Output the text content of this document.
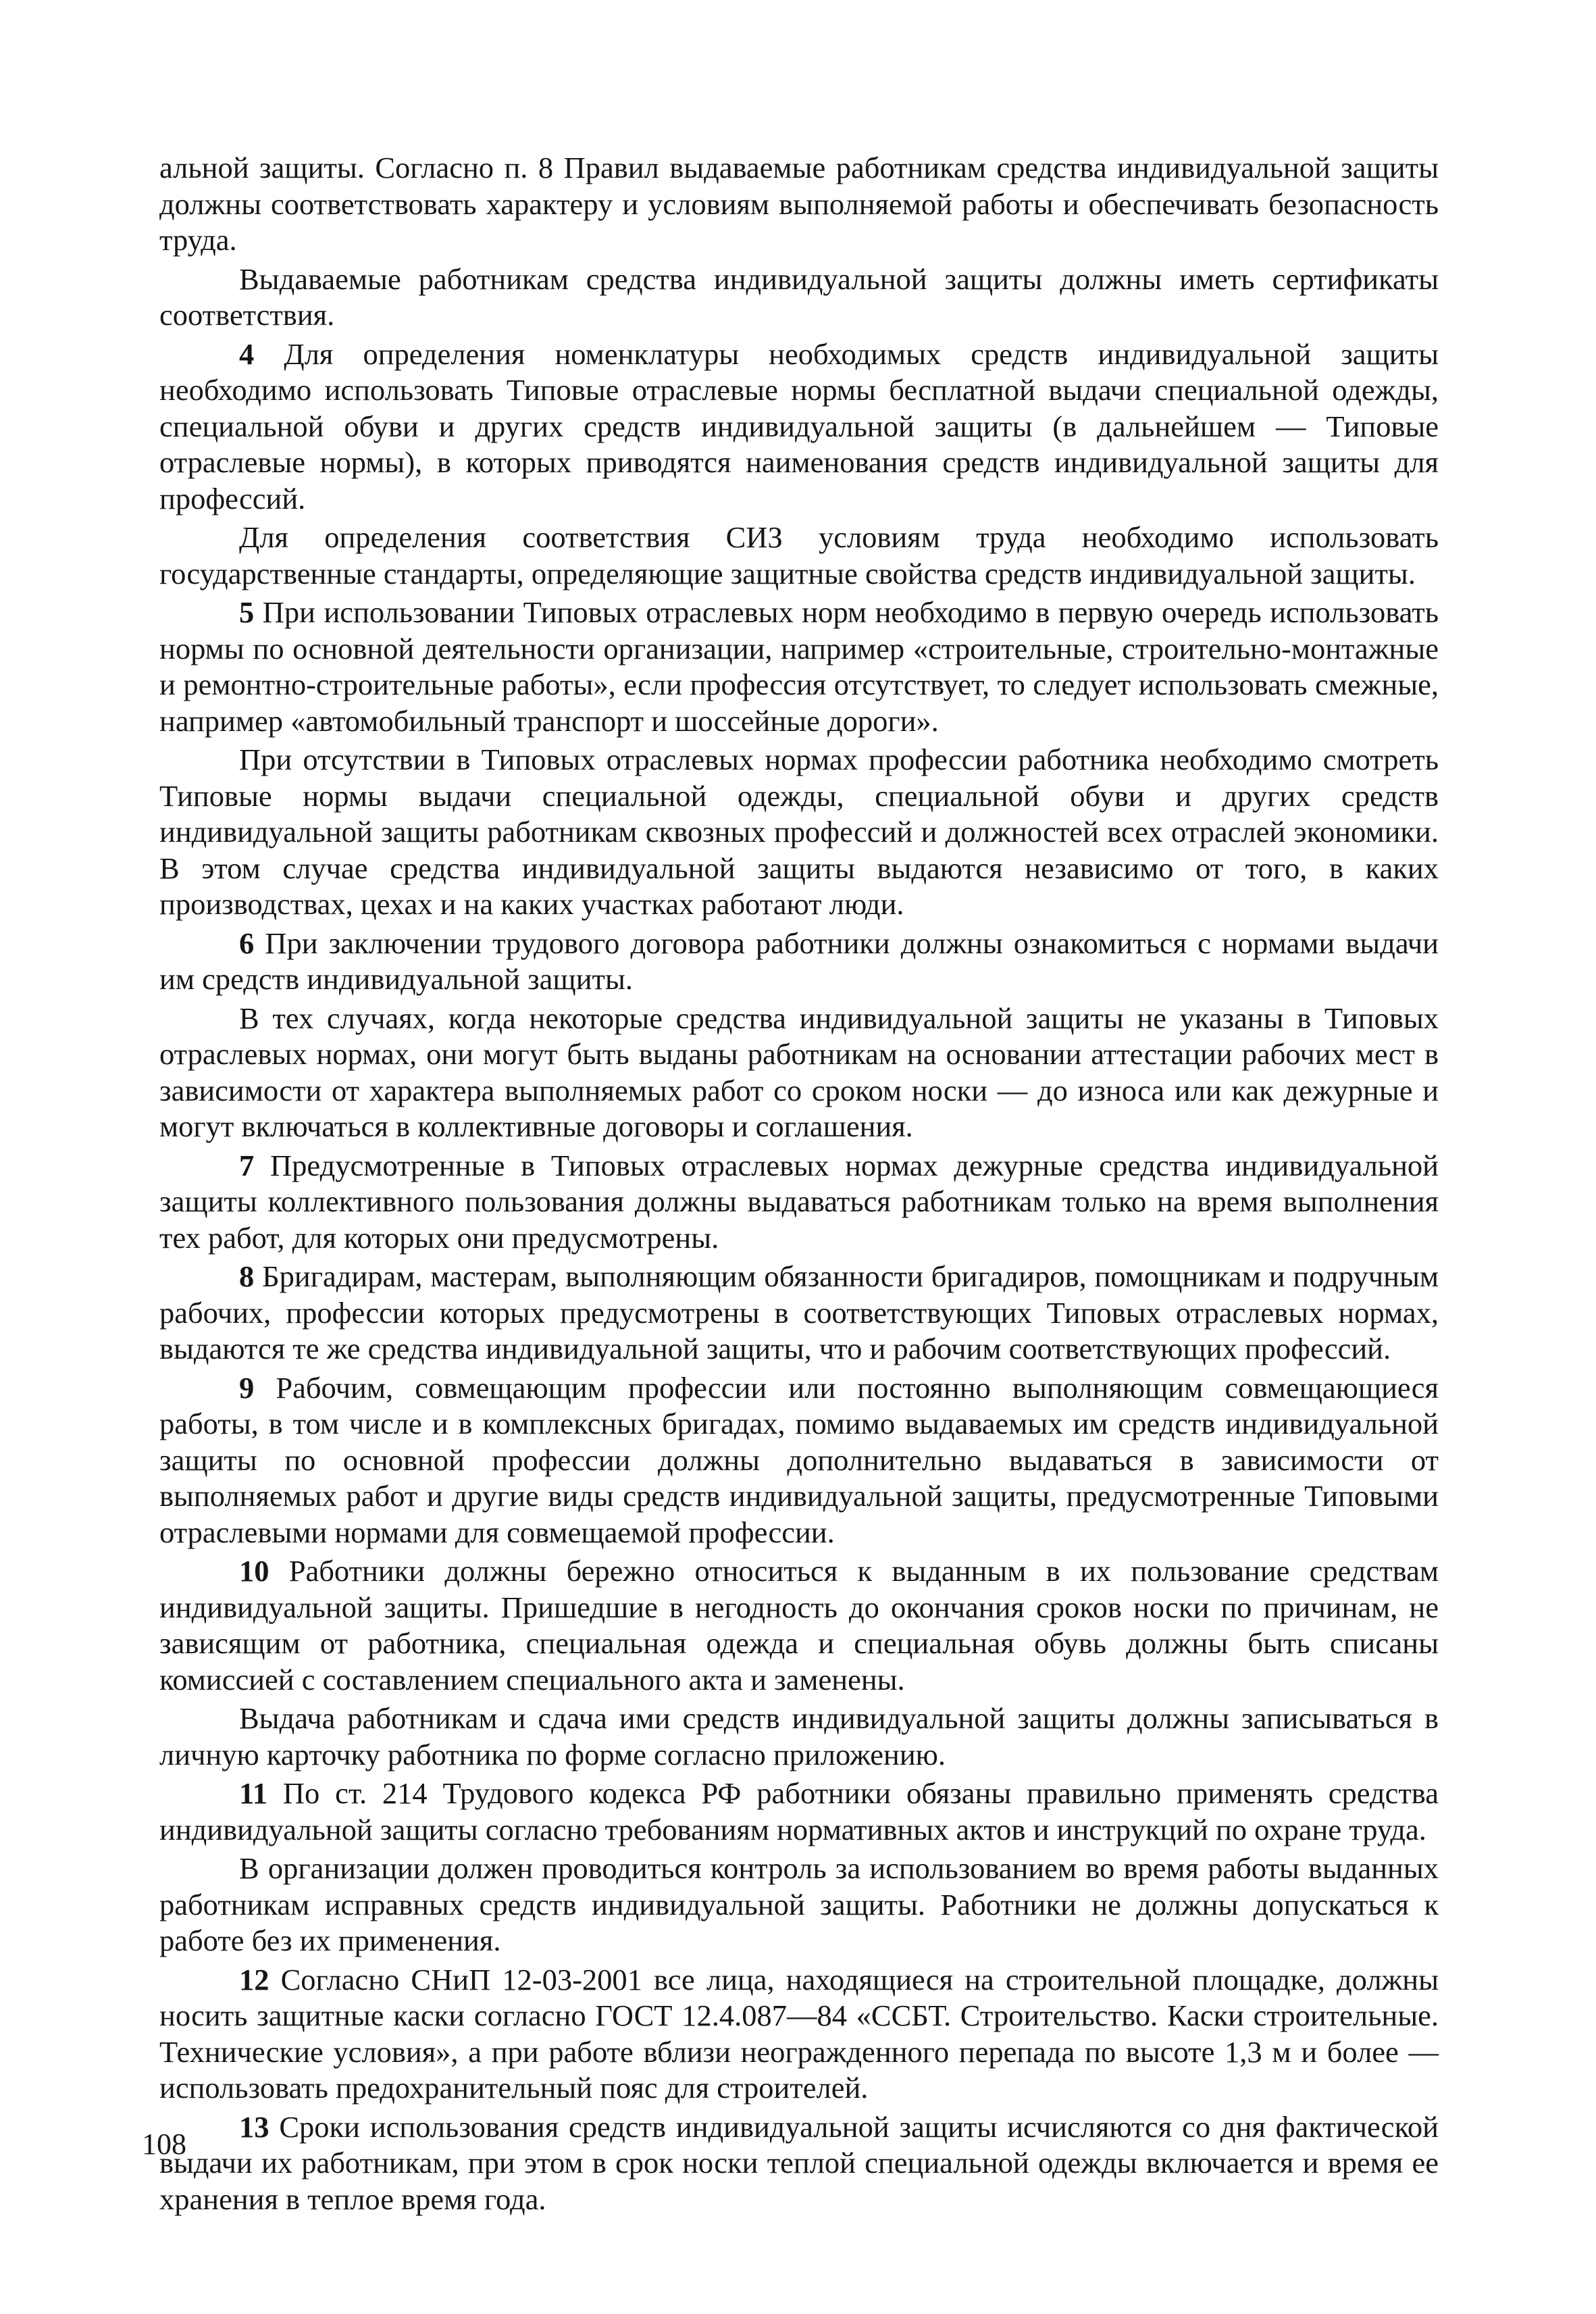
альной защиты. Согласно п. 8 Правил выдаваемые работникам средства индивидуальной защиты должны соответствовать характеру и условиям выполняемой работы и обеспечивать безопасность труда.

Выдаваемые работникам средства индивидуальной защиты должны иметь сертификаты соответствия.

4 Для определения номенклатуры необходимых средств индивидуальной защиты необходимо использовать Типовые отраслевые нормы бесплатной выдачи специальной одежды, специальной обуви и других средств индивидуальной защиты (в дальнейшем — Типовые отраслевые нормы), в которых приводятся наименования средств индивидуальной защиты для профессий.

Для определения соответствия СИЗ условиям труда необходимо использовать государственные стандарты, определяющие защитные свойства средств индивидуальной защиты.

5 При использовании Типовых отраслевых норм необходимо в первую очередь использовать нормы по основной деятельности организации, например «строительные, строительно-монтажные и ремонтно-строительные работы», если профессия отсутствует, то следует использовать смежные, например «автомобильный транспорт и шоссейные дороги».

При отсутствии в Типовых отраслевых нормах профессии работника необходимо смотреть Типовые нормы выдачи специальной одежды, специальной обуви и других средств индивидуальной защиты работникам сквозных профессий и должностей всех отраслей экономики. В этом случае средства индивидуальной защиты выдаются независимо от того, в каких производствах, цехах и на каких участках работают люди.

6 При заключении трудового договора работники должны ознакомиться с нормами выдачи им средств индивидуальной защиты.

В тех случаях, когда некоторые средства индивидуальной защиты не указаны в Типовых отраслевых нормах, они могут быть выданы работникам на основании аттестации рабочих мест в зависимости от характера выполняемых работ со сроком носки — до износа или как дежурные и могут включаться в коллективные договоры и соглашения.

7 Предусмотренные в Типовых отраслевых нормах дежурные средства индивидуальной защиты коллективного пользования должны выдаваться работникам только на время выполнения тех работ, для которых они предусмотрены.

8 Бригадирам, мастерам, выполняющим обязанности бригадиров, помощникам и подручным рабочих, профессии которых предусмотрены в соответствующих Типовых отраслевых нормах, выдаются те же средства индивидуальной защиты, что и рабочим соответствующих профессий.

9 Рабочим, совмещающим профессии или постоянно выполняющим совмещающиеся работы, в том числе и в комплексных бригадах, помимо выдаваемых им средств индивидуальной защиты по основной профессии должны дополнительно выдаваться в зависимости от выполняемых работ и другие виды средств индивидуальной защиты, предусмотренные Типовыми отраслевыми нормами для совмещаемой профессии.

10 Работники должны бережно относиться к выданным в их пользование средствам индивидуальной защиты. Пришедшие в негодность до окончания сроков носки по причинам, не зависящим от работника, специальная одежда и специальная обувь должны быть списаны комиссией с составлением специального акта и заменены.

Выдача работникам и сдача ими средств индивидуальной защиты должны записываться в личную карточку работника по форме согласно приложению.

11 По ст. 214 Трудового кодекса РФ работники обязаны правильно применять средства индивидуальной защиты согласно требованиям нормативных актов и инструкций по охране труда.

В организации должен проводиться контроль за использованием во время работы выданных работникам исправных средств индивидуальной защиты. Работники не должны допускаться к работе без их применения.

12 Согласно СНиП 12-03-2001 все лица, находящиеся на строительной площадке, должны носить защитные каски согласно ГОСТ 12.4.087—84 «ССБТ. Строительство. Каски строительные. Технические условия», а при работе вблизи неогражденного перепада по высоте 1,3 м и более — использовать предохранительный пояс для строителей.

13 Сроки использования средств индивидуальной защиты исчисляются со дня фактической выдачи их работникам, при этом в срок носки теплой специальной одежды включается и время ее хранения в теплое время года.

108
